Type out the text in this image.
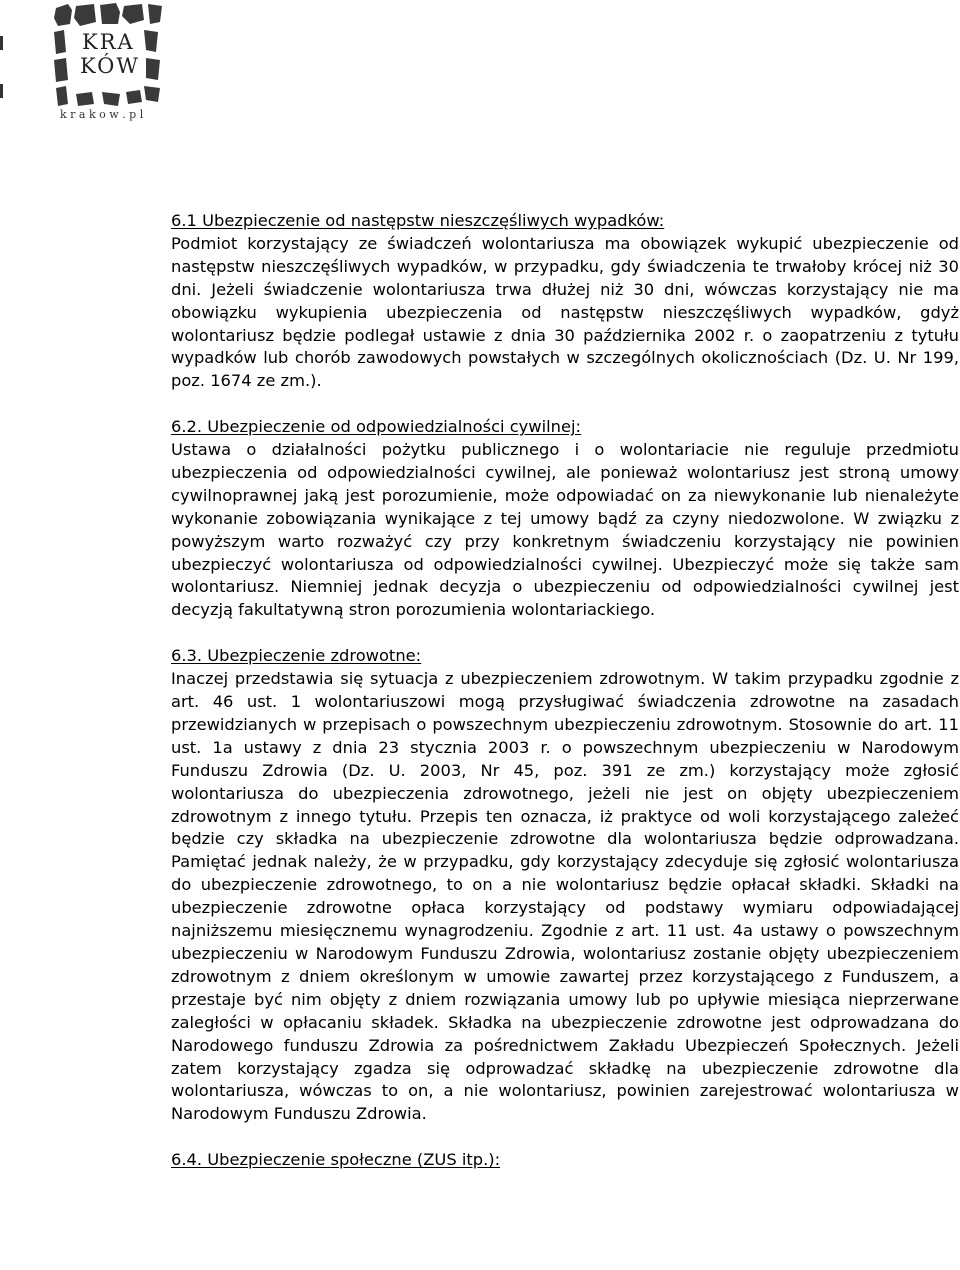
KRA
KÓW
k r a k o w . p l
6.1 Ubezpieczenie od następstw nieszczęśliwych wypadków:

Podmiot korzystający ze świadczeń wolontariusza ma obowiązek wykupić ubezpieczenie od następstw nieszczęśliwych wypadków, w przypadku, gdy świadczenia te trwałoby krócej niż 30 dni. Jeżeli świadczenie wolontariusza trwa dłużej niż 30 dni, wówczas korzystający nie ma obowiązku wykupienia ubezpieczenia od następstw nieszczęśliwych wypadków, gdyż wolontariusz będzie podlegał ustawie z dnia 30 października 2002 r. o zaopatrzeniu z tytułu wypadków lub chorób zawodowych powstałych w szczególnych okolicznościach (Dz. U. Nr 199, poz. 1674 ze zm.).

6.2. Ubezpieczenie od odpowiedzialności cywilnej:

Ustawa o działalności pożytku publicznego i o wolontariacie nie reguluje przedmiotu ubezpieczenia od odpowiedzialności cywilnej, ale ponieważ wolontariusz jest stroną umowy cywilnoprawnej jaką jest porozumienie, może odpowiadać on za niewykonanie lub nienależyte wykonanie zobowiązania wynikające z tej umowy bądź za czyny niedozwolone. W związku z powyższym warto rozważyć czy przy konkretnym świadczeniu korzystający nie powinien ubezpieczyć wolontariusza od odpowiedzialności cywilnej. Ubezpieczyć może się także sam wolontariusz. Niemniej jednak decyzja o ubezpieczeniu od odpowiedzialności cywilnej jest decyzją fakultatywną stron porozumienia wolontariackiego.

6.3. Ubezpieczenie zdrowotne:

Inaczej przedstawia się sytuacja z ubezpieczeniem zdrowotnym. W takim przypadku zgodnie z art. 46 ust. 1 wolontariuszowi mogą przysługiwać świadczenia zdrowotne na zasadach przewidzianych w przepisach o powszechnym ubezpieczeniu zdrowotnym. Stosownie do art. 11 ust. 1a ustawy z dnia 23 stycznia 2003 r. o powszechnym ubezpieczeniu w Narodowym Funduszu Zdrowia (Dz. U. 2003, Nr 45, poz. 391 ze zm.) korzystający może zgłosić wolontariusza do ubezpieczenia zdrowotnego, jeżeli nie jest on objęty ubezpieczeniem zdrowotnym z innego tytułu. Przepis ten oznacza, iż praktyce od woli korzystającego zależeć będzie czy składka na ubezpieczenie zdrowotne dla wolontariusza będzie odprowadzana. Pamiętać jednak należy, że w przypadku, gdy korzystający zdecyduje się zgłosić wolontariusza do ubezpieczenie zdrowotnego, to on a nie wolontariusz będzie opłacał składki. Składki na ubezpieczenie zdrowotne opłaca korzystający od podstawy wymiaru odpowiadającej najniższemu miesięcznemu wynagrodzeniu. Zgodnie z art. 11 ust. 4a ustawy o powszechnym ubezpieczeniu w Narodowym Funduszu Zdrowia, wolontariusz zostanie objęty ubezpieczeniem zdrowotnym z dniem określonym w umowie zawartej przez korzystającego z Funduszem, a przestaje być nim objęty z dniem rozwiązania umowy lub po upływie miesiąca nieprzerwane zaległości w opłacaniu składek. Składka na ubezpieczenie zdrowotne jest odprowadzana do Narodowego funduszu Zdrowia za pośrednictwem Zakładu Ubezpieczeń Społecznych. Jeżeli zatem korzystający zgadza się odprowadzać składkę na ubezpieczenie zdrowotne dla wolontariusza, wówczas to on, a nie wolontariusz, powinien zarejestrować wolontariusza w Narodowym Funduszu Zdrowia.

6.4. Ubezpieczenie społeczne (ZUS itp.):
